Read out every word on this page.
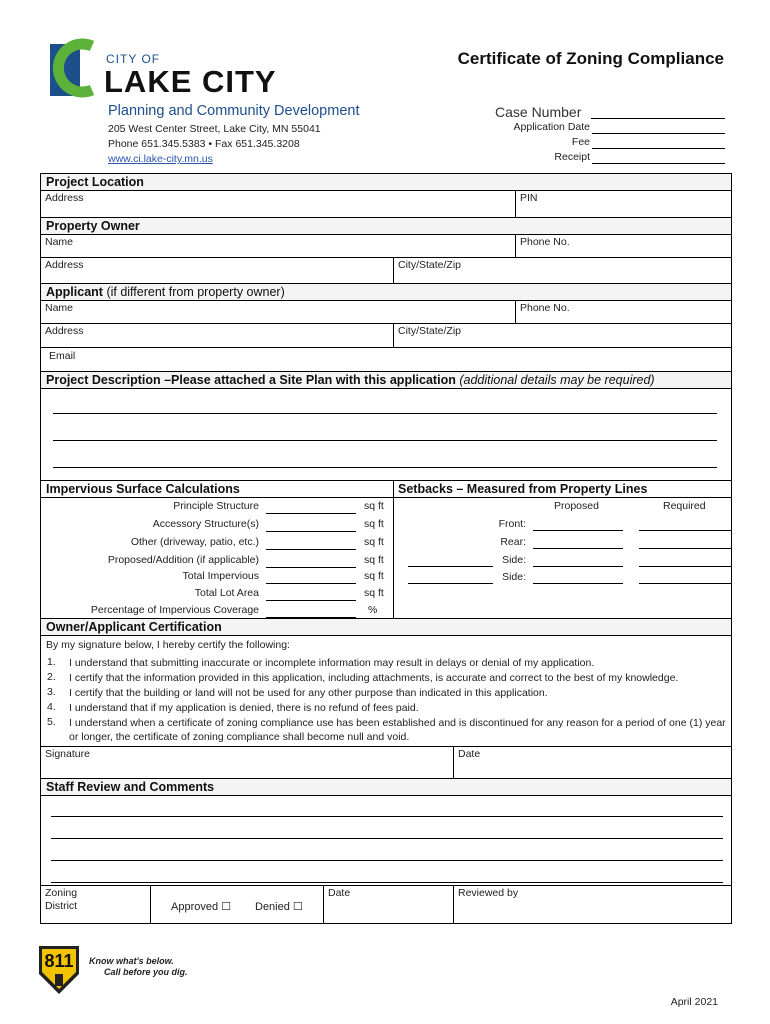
CITY OF
LAKE CITY
Planning and Community Development
205 West Center Street, Lake City, MN 55041
Phone 651.345.5383 • Fax 651.345.3208
www.ci.lake-city.mn.us
Certificate of Zoning Compliance
Case Number
Application Date
Fee
Receipt
Project Location
Address	PIN
Property Owner
Name	Phone No.
Address	City/State/Zip
Applicant (if different from property owner)
Name	Phone No.
Address	City/State/Zip
Email
Project Description –Please attached a Site Plan with this application (additional details may be required)
Impervious Surface Calculations	Setbacks – Measured from Property Lines
Principle Structure	sq ft
Accessory Structure(s)	sq ft
Other (driveway, patio, etc.)	sq ft
Proposed/Addition (if applicable)	sq ft
Total Impervious	sq ft
Total Lot Area	sq ft
Percentage of Impervious Coverage	%
Proposed	Required
Front:
Rear:
Side:
Side:
Owner/Applicant Certification
By my signature below, I hereby certify the following:
1. I understand that submitting inaccurate or incomplete information may result in delays or denial of my application.
2. I certify that the information provided in this application, including attachments, is accurate and correct to the best of my knowledge.
3. I certify that the building or land will not be used for any other purpose than indicated in this application.
4. I understand that if my application is denied, there is no refund of fees paid.
5. I understand when a certificate of zoning compliance use has been established and is discontinued for any reason for a period of one (1) year or longer, the certificate of zoning compliance shall become null and void.
Signature	Date
Staff Review and Comments
Zoning District	Approved ☐ Denied ☐
Date	Reviewed by
811	Know what's below.
Call before you dig.
April 2021
